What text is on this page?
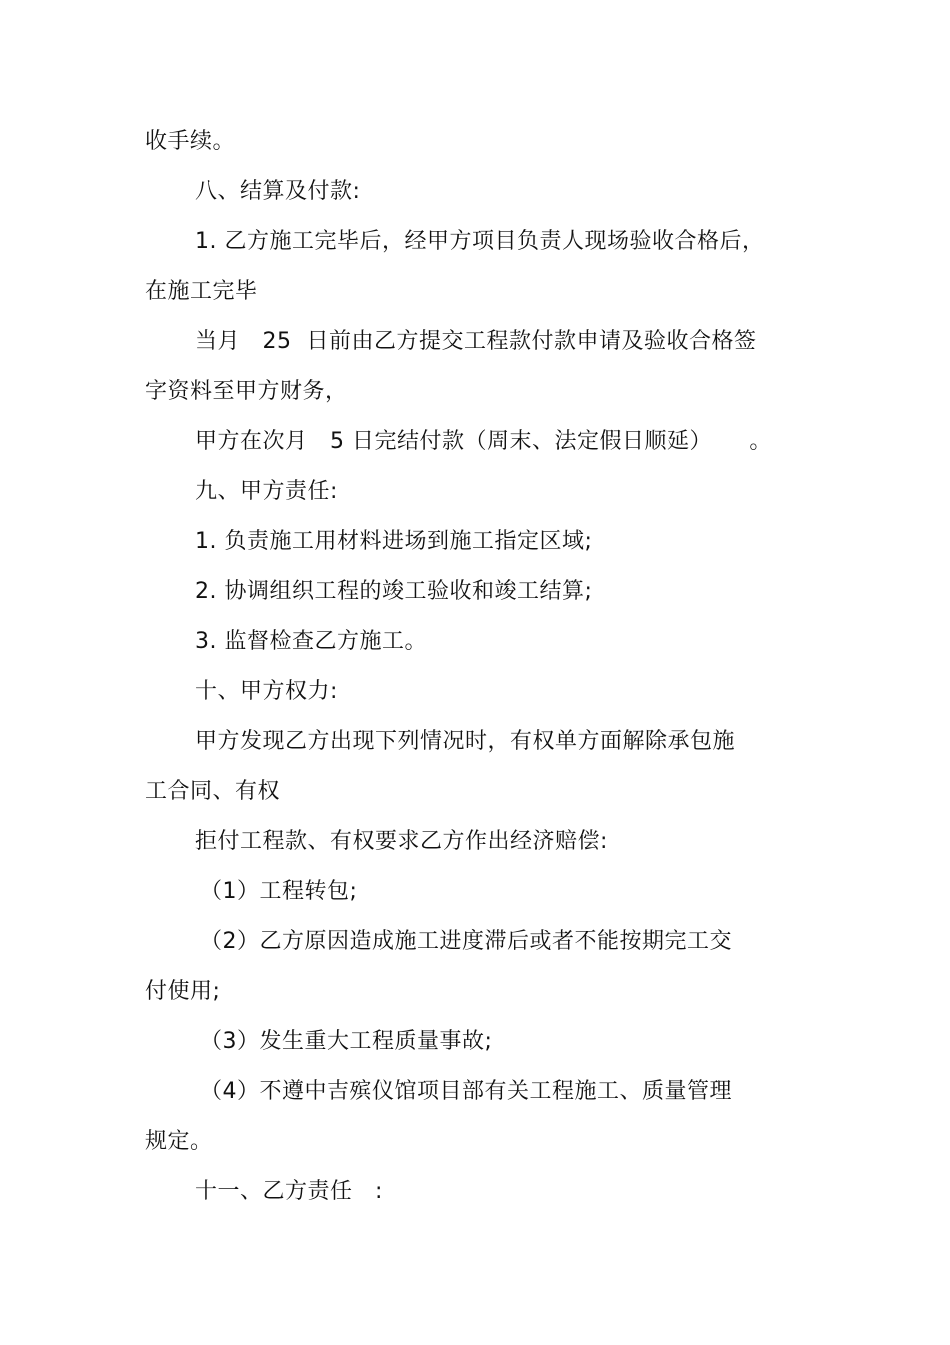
收手续。
八、结算及付款:
1. 乙方施工完毕后，经甲方项目负责人现场验收合格后，
在施工完毕
当月   25  日前由乙方提交工程款付款申请及验收合格签
字资料至甲方财务，
甲方在次月   5 日完结付款（周末、法定假日顺延）     。
九、甲方责任:
1. 负责施工用材料进场到施工指定区域;
2. 协调组织工程的竣工验收和竣工结算;
3. 监督检查乙方施工。
十、甲方权力:
甲方发现乙方出现下列情况时，有权单方面解除承包施
工合同、有权
拒付工程款、有权要求乙方作出经济赔偿:
（1）工程转包;
（2）乙方原因造成施工进度滞后或者不能按期完工交
付使用;
（3）发生重大工程质量事故;
（4）不遵中吉殡仪馆项目部有关工程施工、质量管理
规定。
十一、乙方责任   :
